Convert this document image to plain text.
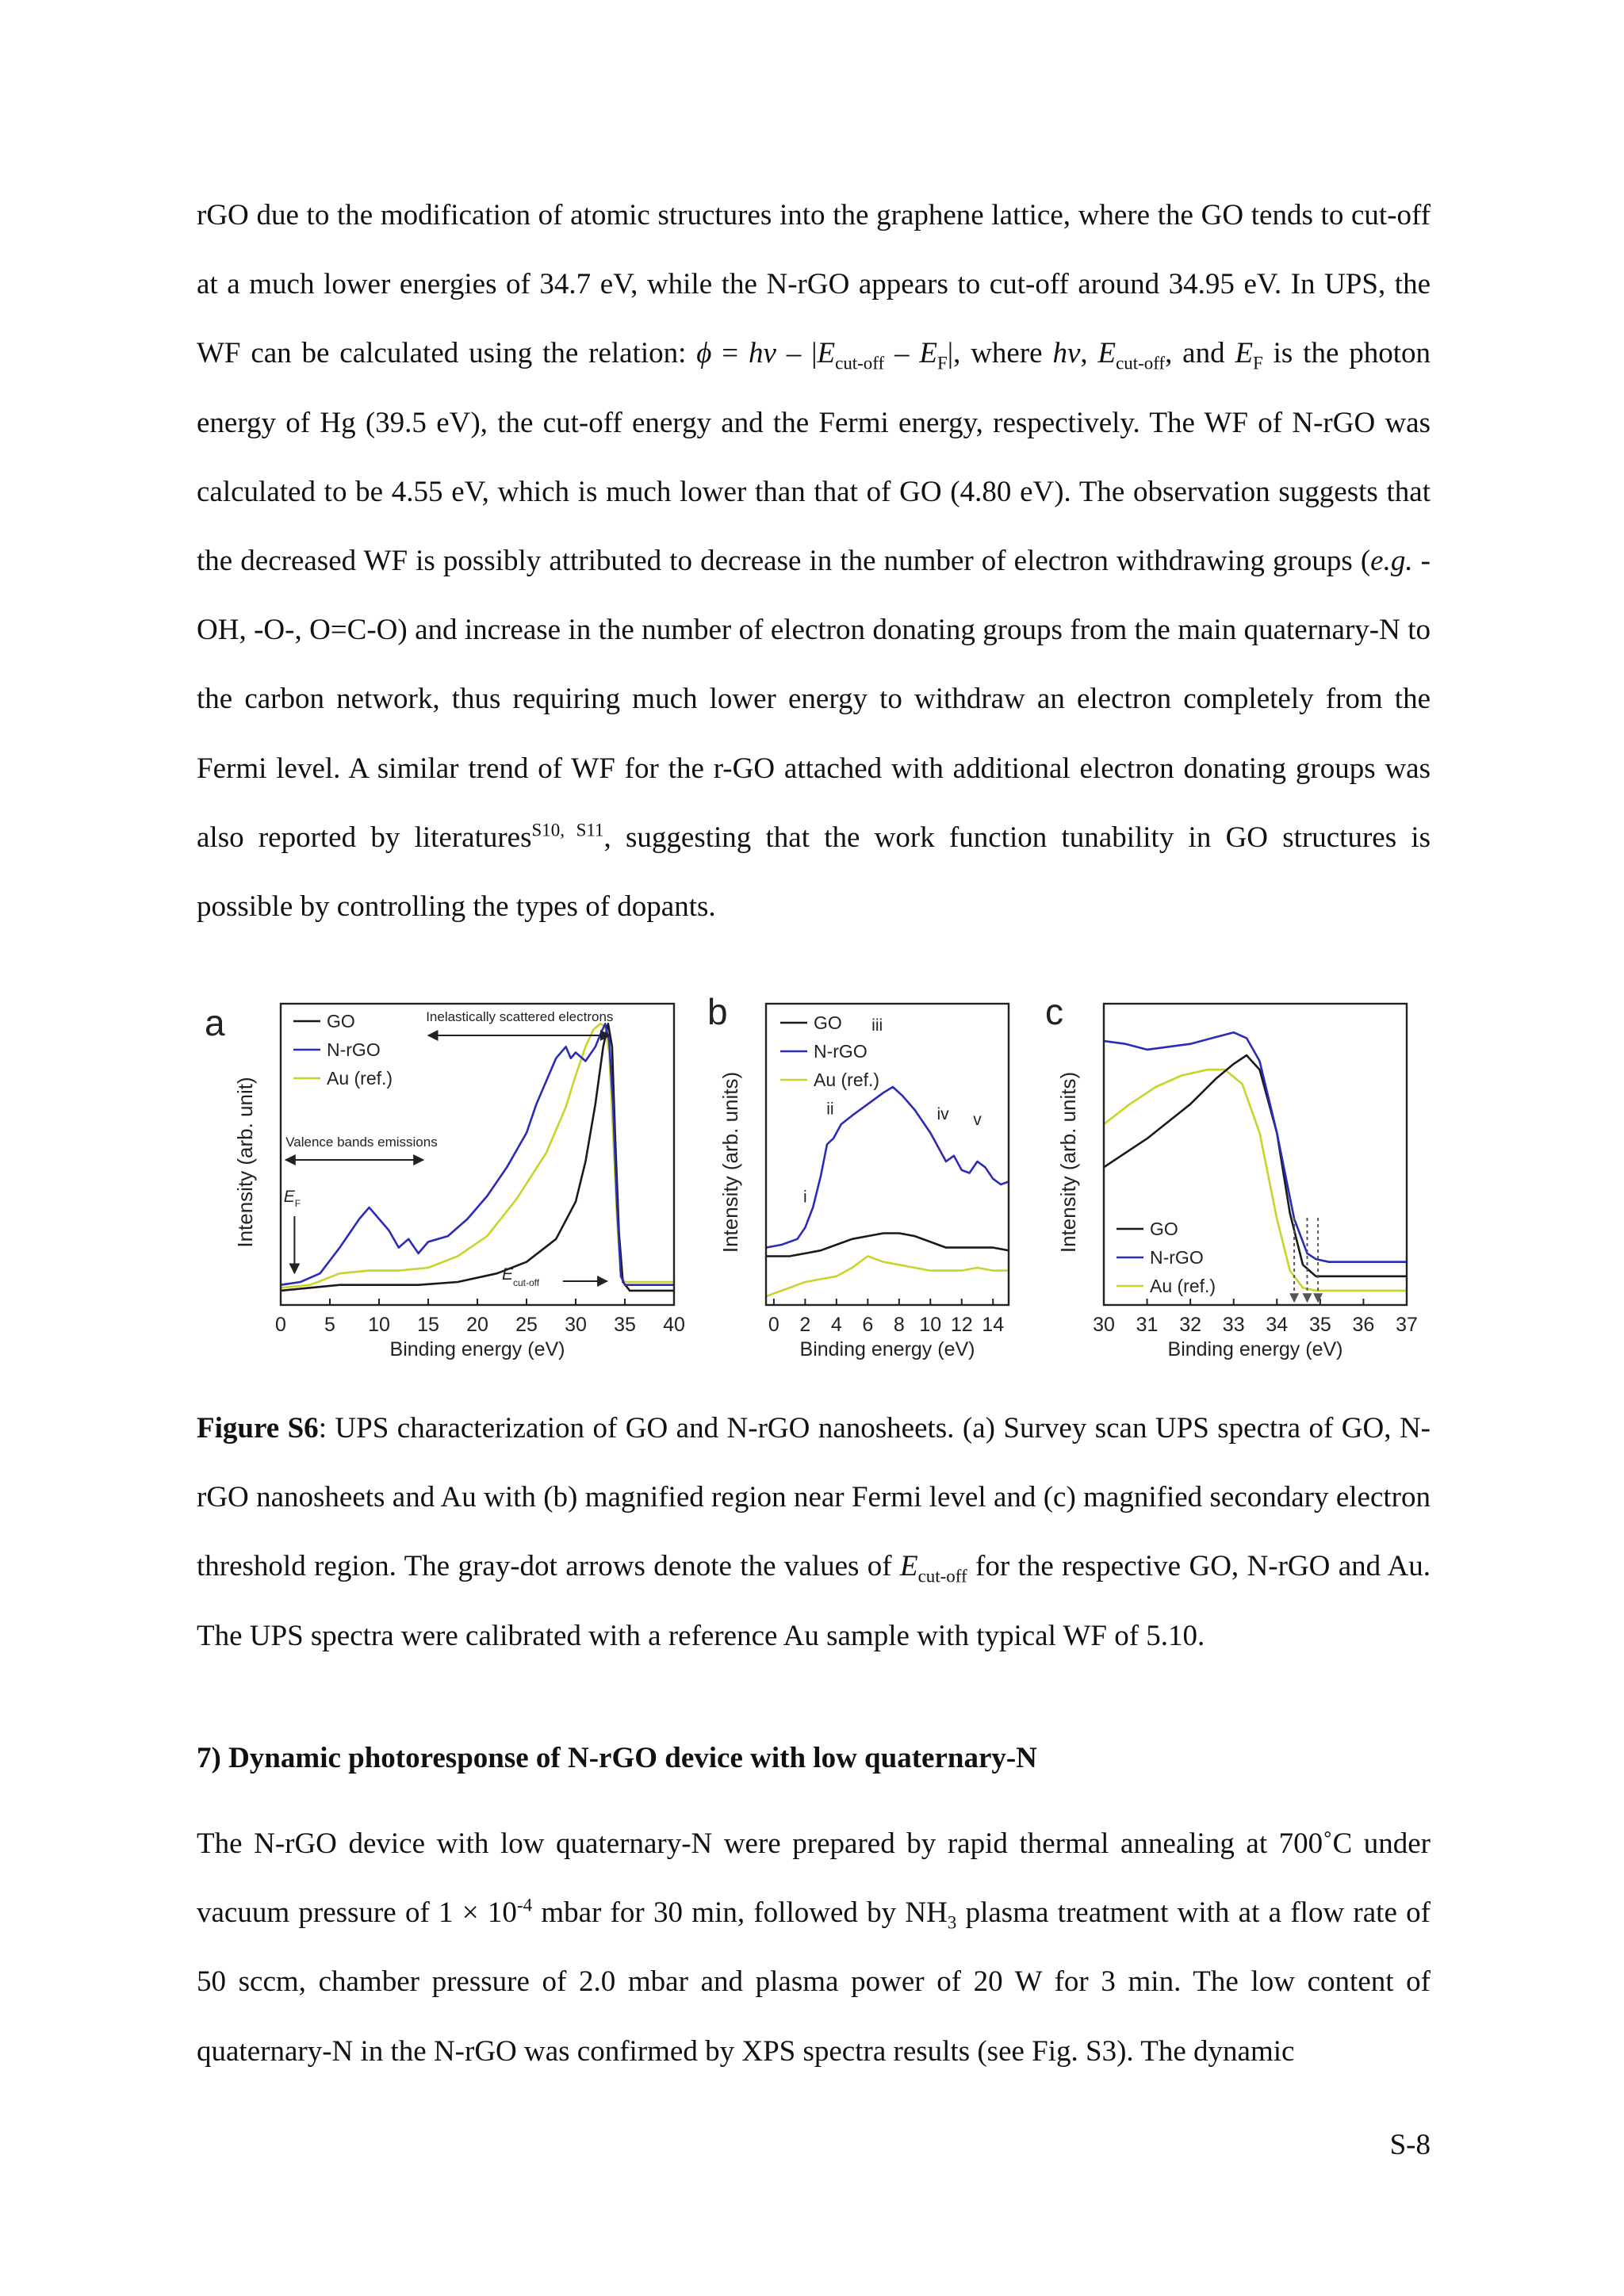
rGO due to the modification of atomic structures into the graphene lattice, where the GO tends to cut-off at a much lower energies of 34.7 eV, while the N-rGO appears to cut-off around 34.95 eV. In UPS, the WF can be calculated using the relation: ϕ = hv – $|E_{cut-off} - E_F|$, where hv, $E_{cut-off}$, and $E_F$ is the photon energy of Hg (39.5 eV), the cut-off energy and the Fermi energy, respectively. The WF of N-rGO was calculated to be 4.55 eV, which is much lower than that of GO (4.80 eV). The observation suggests that the decreased WF is possibly attributed to decrease in the number of electron withdrawing groups (e.g. -OH, -O-, O=C-O) and increase in the number of electron donating groups from the main quaternary-N to the carbon network, thus requiring much lower energy to withdraw an electron completely from the Fermi level. A similar trend of WF for the r-GO attached with additional electron donating groups was also reported by literatures$^{S10, S11}$, suggesting that the work function tunability in GO structures is possible by controlling the types of dopants.

a
0 5 10 15 20 25 30 35 40
Binding energy (eV)
Intensity (arb. unit)
GO
N-rGO
Au (ref.)
Inelastically scattered electrons
Valence bands emissions
E F
E cut-off
b
0 2 4 6 8 10 12 14
Binding energy (eV)
Intensity (arb. units)
GO
N-rGO
Au (ref.)
i
ii
iii
iv v
c
30 31 32 33 34 35 36 37
Binding energy (eV)
Intensity (arb. units)	GO
N-rGO
Au (ref.)

Figure S6: UPS characterization of GO and N-rGO nanosheets. (a) Survey scan UPS spectra of GO, N-rGO nanosheets and Au with (b) magnified region near Fermi level and (c) magnified secondary electron threshold region. The gray-dot arrows denote the values of $E_{cut-off}$ for the respective GO, N-rGO and Au. The UPS spectra were calibrated with a reference Au sample with typical WF of 5.10.

7) Dynamic photoresponse of N-rGO device with low quaternary-N

The N-rGO device with low quaternary-N were prepared by rapid thermal annealing at 700˚C under vacuum pressure of $1 \times 10^{-4}$ mbar for 30 min, followed by $NH_3$ plasma treatment with at a flow rate of 50 sccm, chamber pressure of 2.0 mbar and plasma power of 20 W for 3 min. The low content of quaternary-N in the N-rGO was confirmed by XPS spectra results (see Fig. S3). The dynamic

S-8
